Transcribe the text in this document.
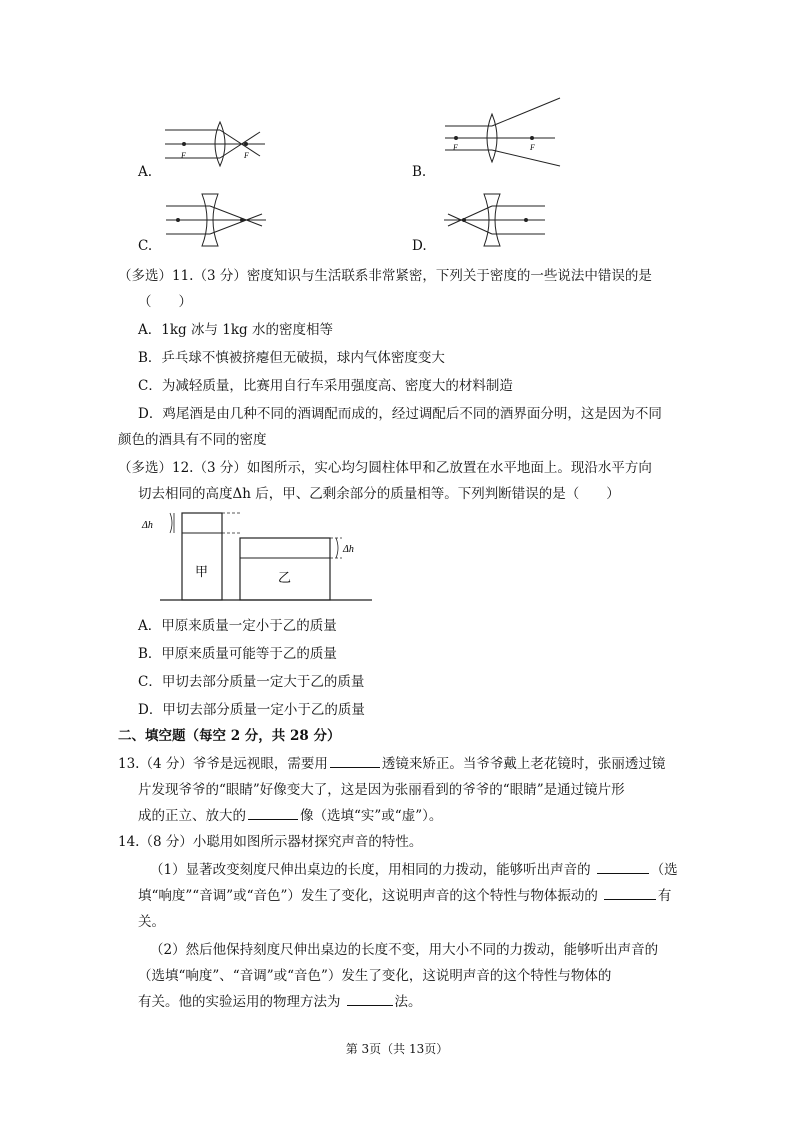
F	F
A.
F	F
B.
C.	D.
（多选）11.（3 分）密度知识与生活联系非常紧密，下列关于密度的一些说法中错误的是
（　　）
A．1kg 冰与 1kg 水的密度相等
B．乒乓球不慎被挤瘪但无破损，球内气体密度变大
C．为减轻质量，比赛用自行车采用强度高、密度大的材料制造
D．鸡尾酒是由几种不同的酒调配而成的，经过调配后不同的酒界面分明，这是因为不同
颜色的酒具有不同的密度
（多选）12.（3 分）如图所示，实心均匀圆柱体甲和乙放置在水平地面上。现沿水平方向
切去相同的高度Δh 后，甲、乙剩余部分的质量相等。下列判断错误的是（　　）
Δh
Δh
甲	乙
A．甲原来质量一定小于乙的质量
B．甲原来质量可能等于乙的质量
C．甲切去部分质量一定大于乙的质量
D．甲切去部分质量一定小于乙的质量
二、填空题（每空 2 分，共 28 分）
13.（4 分）爷爷是远视眼，需要用	透镜来矫正。当爷爷戴上老花镜时，张丽透过镜
片发现爷爷的“眼睛”好像变大了，这是因为张丽看到的爷爷的“眼睛”是通过镜片形
成的正立、放大的	像（选填“实”或“虚”）。
14.（8 分）小聪用如图所示器材探究声音的特性。
（1）显著改变刻度尺伸出桌边的长度，用相同的力拨动，能够听出声音的	（选
填“响度”“音调”或“音色”）发生了变化，这说明声音的这个特性与物体振动的	有
关。
（2）然后他保持刻度尺伸出桌边的长度不变，用大小不同的力拨动，能够听出声音的
（选填“响度”、“音调”或“音色”）发生了变化，这说明声音的这个特性与物体的
有关。他的实验运用的物理方法为	法。
第 3页（共 13页）
